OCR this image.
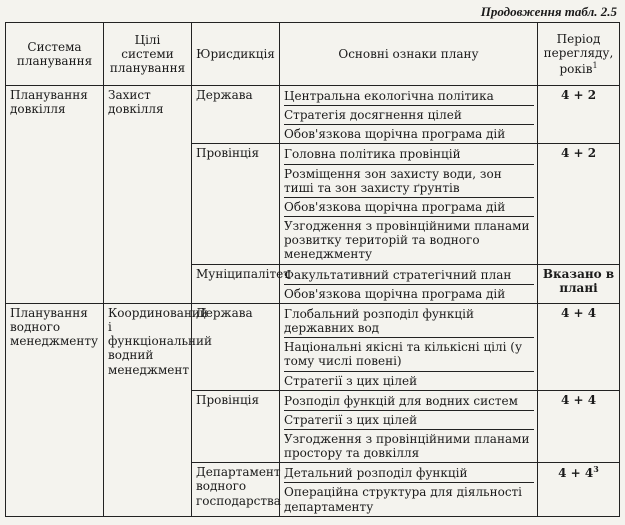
Продовження табл. 2.5
Система планування	Цілі системи планування	Юрисдикція	Основні ознаки плану	Період перегляду, років$^1$
Планування довкілля	Захист довкілля	Держава	Центральна екологічна політика
Стратегія досягнення цілей
Обов'язкова щорічна програма дій	4 + 2
		Провінція	Головна політика провінцій
Розміщення зон захисту води, зон тиші та зон захисту ґрунтів
Обов'язкова щорічна програма дій
Узгодження з провінційними планами розвитку територій та водного менеджменту	4 + 2
		Муніципалітет	Факультативний стратегічний план
Обов'язкова щорічна програма дій	Вказано в плані
Планування водного менеджменту	Координований і функціональний водний менеджмент	Держава	Глобальний розподіл функцій державних вод
Національні якісні та кількісні цілі (у тому числі повені)
Стратегії з цих цілей	4 + 4
		Провінція	Розподіл функцій для водних систем
Стратегії з цих цілей
Узгодження з провінційними планами простору та довкілля	4 + 4
		Департамент водного господарства	Детальний розподіл функцій
Операційна структура для діяльності департаменту	$4 + 4^3$
